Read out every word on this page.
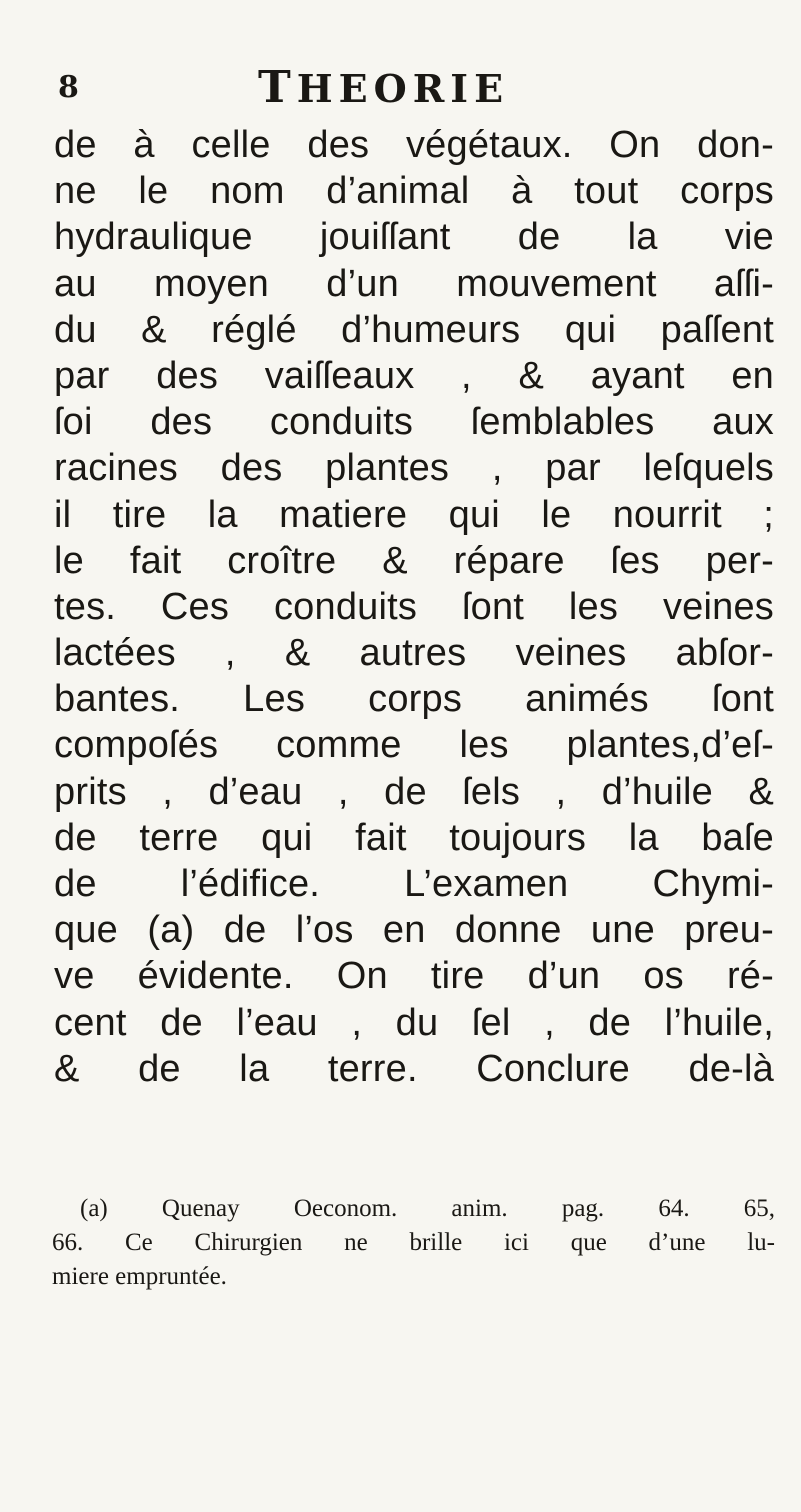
8	THEORIE
de à celle des végétaux. On don-
ne le nom d’animal à tout corps
hydraulique jouiſſant de la vie
au moyen d’un mouvement aſſi-
du & réglé d’humeurs qui paſſent
par des vaiſſeaux , & ayant en
ſoi des conduits ſemblables aux
racines des plantes , par leſquels
il tire la matiere qui le nourrit ;
le fait croître & répare ſes per-
tes. Ces conduits ſont les veines
lactées , & autres veines abſor-
bantes. Les corps animés ſont
compoſés comme les plantes,d’eſ-
prits , d’eau , de ſels , d’huile &
de terre qui fait toujours la baſe
de l’édifice. L’examen Chymi-
que (a) de l’os en donne une preu-
ve évidente. On tire d’un os ré-
cent de l’eau , du ſel , de l’huile,
& de la terre. Conclure de-là
(a) Quenay Oeconom. anim. pag. 64. 65,
66. Ce Chirurgien ne brille ici que d’une lu-
miere empruntée.
